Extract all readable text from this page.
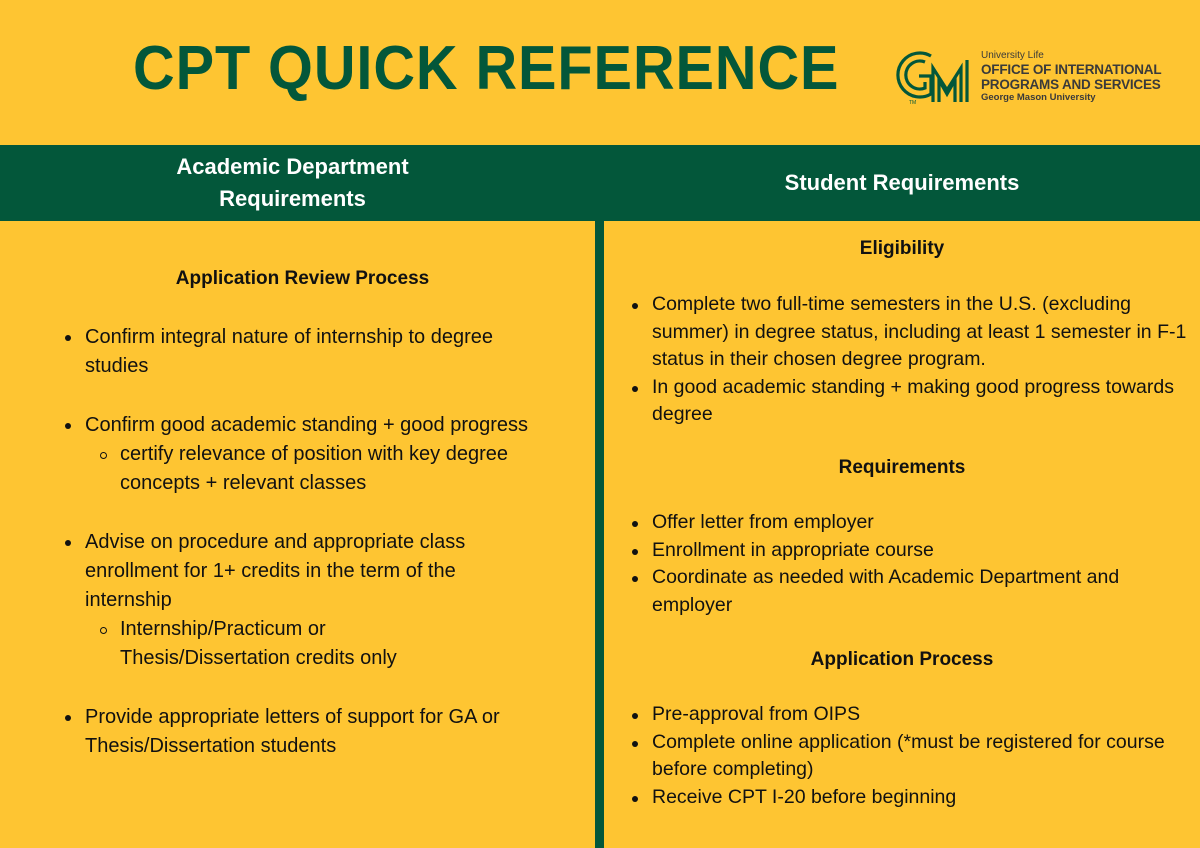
CPT QUICK REFERENCE	TM
University Life
OFFICE OF INTERNATIONAL
PROGRAMS AND SERVICES
George Mason University
Academic Department
Requirements
Student Requirements
Application Review Process
Confirm integral nature of internship to degree studies
Confirm good academic standing + good progress
certify relevance of position with key degree concepts + relevant classes
Advise on procedure and appropriate class enrollment for 1+ credits in the term of the internship
Internship/Practicum or Thesis/Dissertation credits only
Provide appropriate letters of support for GA or Thesis/Dissertation students
Eligibility
Complete two full-time semesters in the U.S. (excluding summer) in degree status, including at least 1 semester in F-1 status in their chosen degree program.
In good academic standing + making good progress towards degree
Requirements
Offer letter from employer
Enrollment in appropriate course
Coordinate as needed with Academic Department and employer
Application Process
Pre-approval from OIPS
Complete online application (*must be registered for course before completing)
Receive CPT I-20 before beginning
